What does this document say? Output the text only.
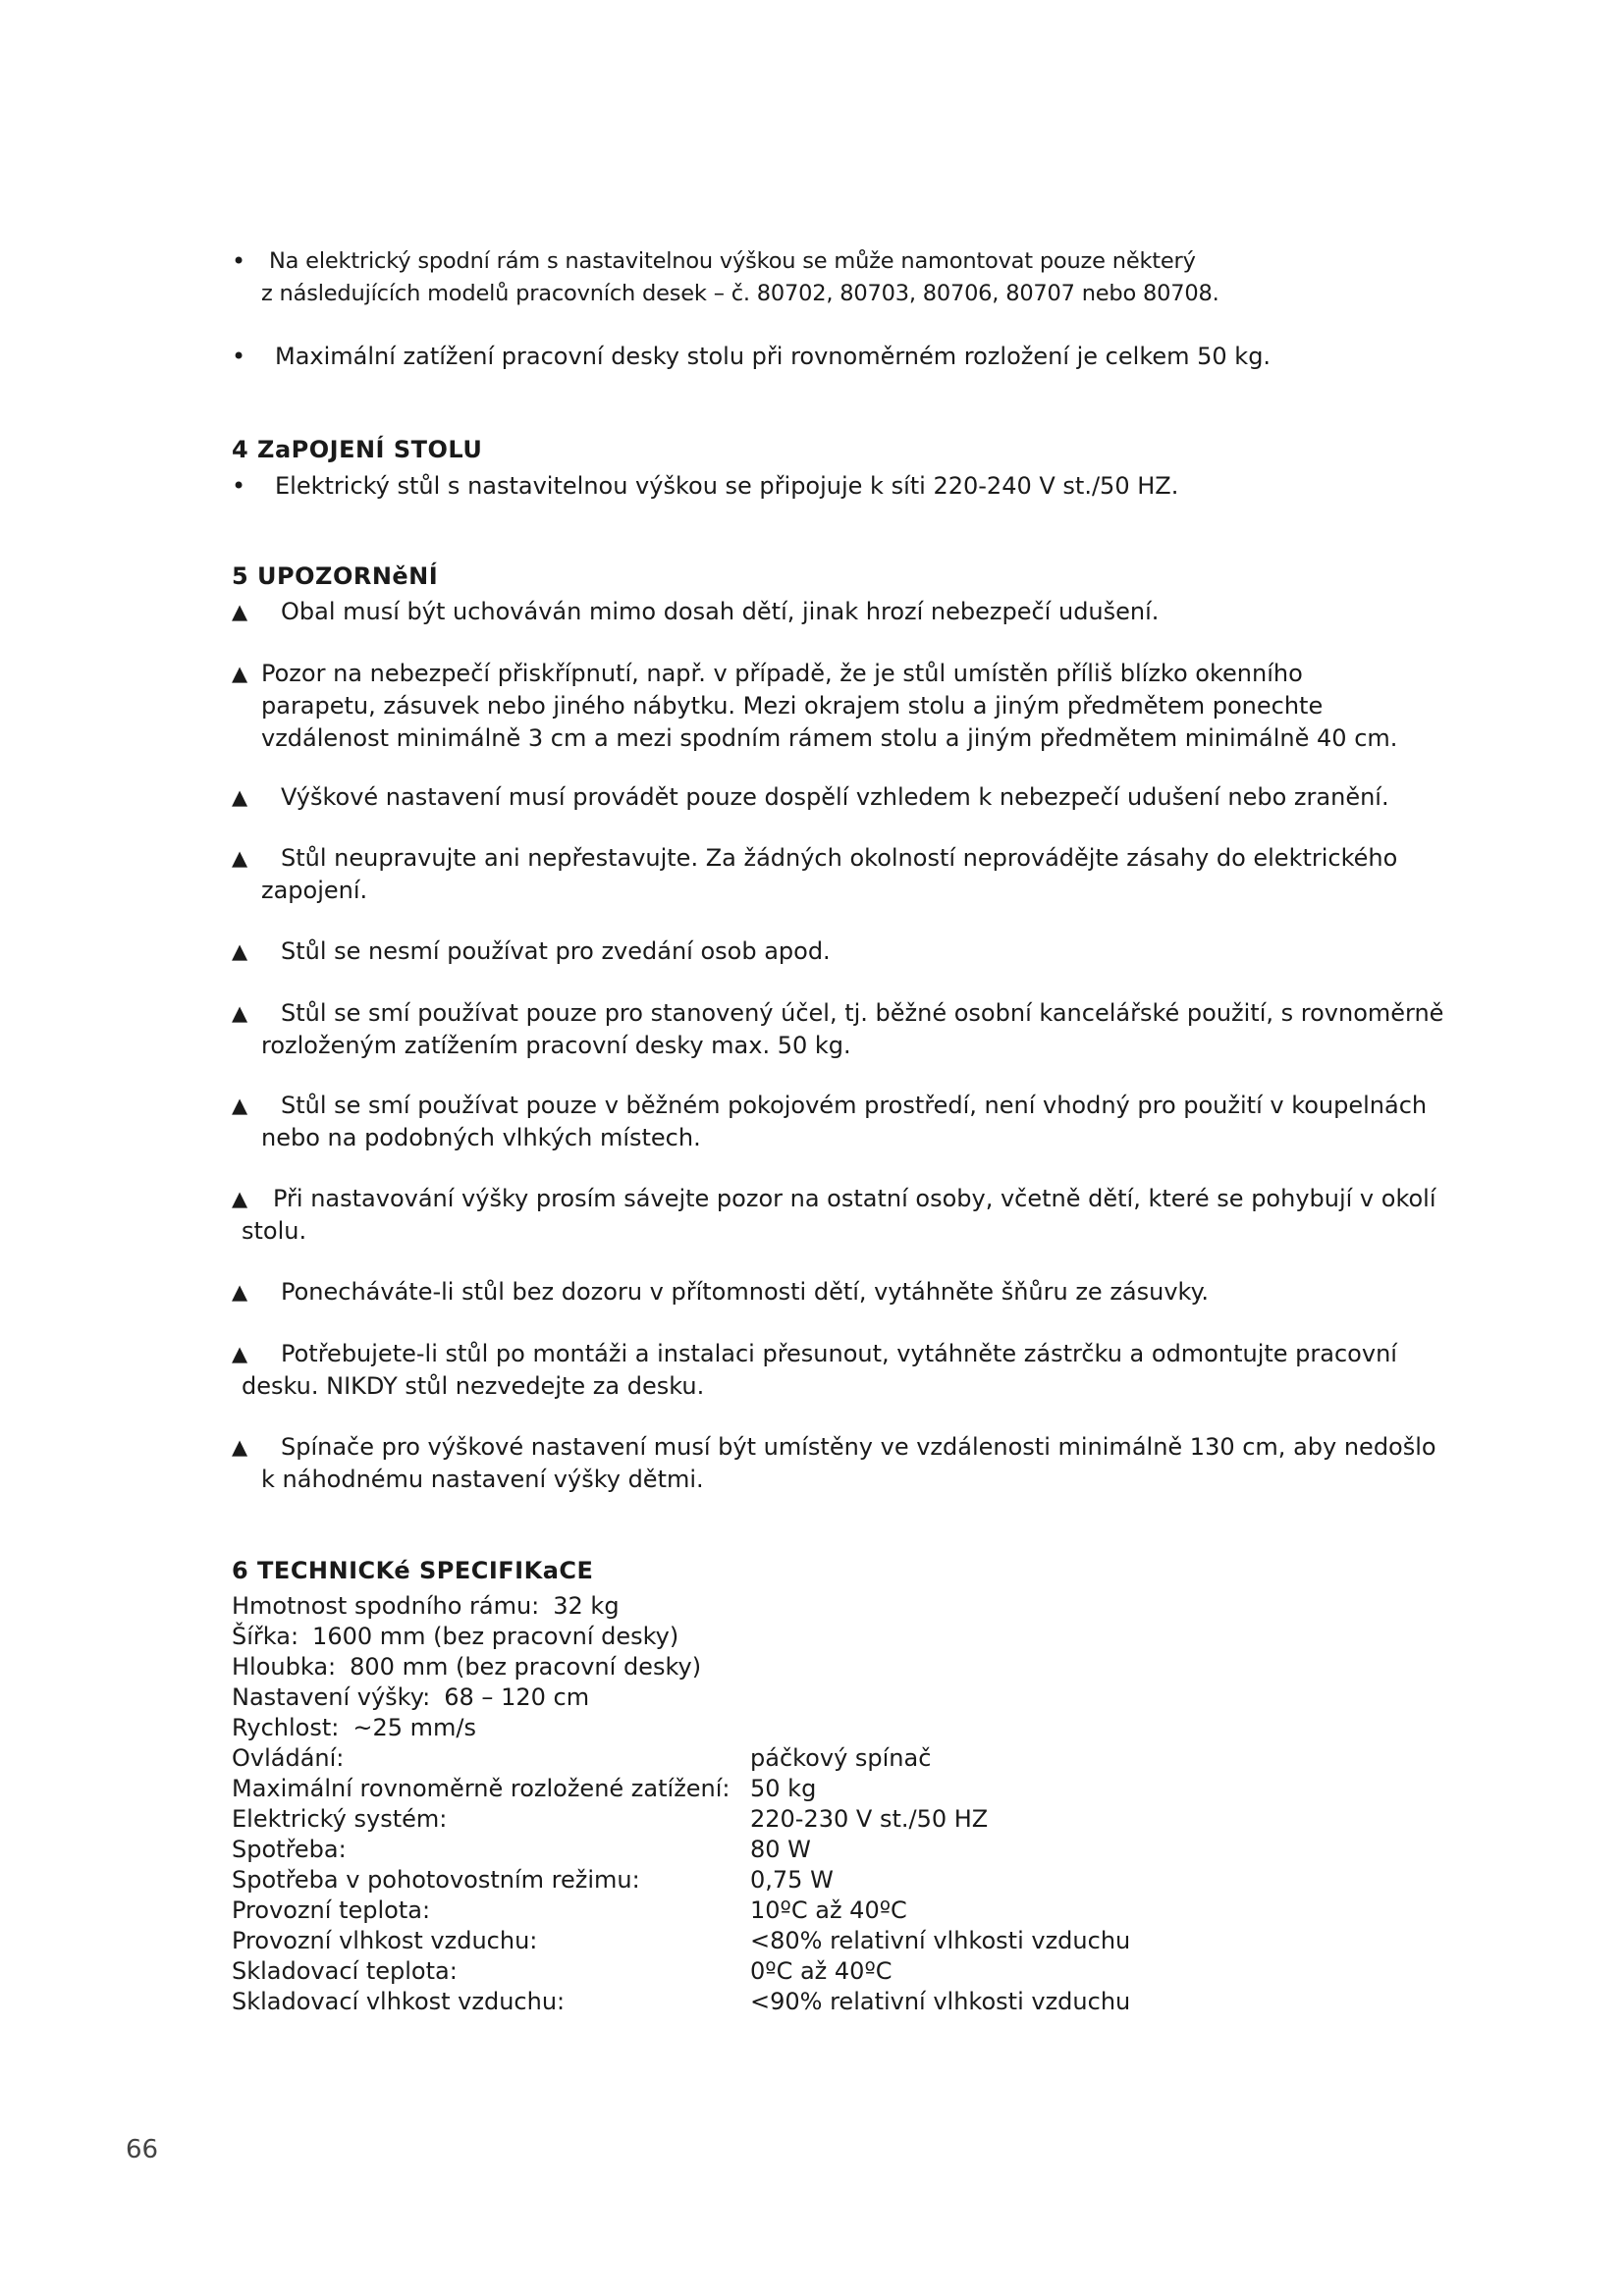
•	Na elektrický spodní rám s nastavitelnou výškou se může namontovat pouze některý
z následujících modelů pracovních desek – č. 80702, 80703, 80706, 80707 nebo 80708.
•	Maximální zatížení pracovní desky stolu při rovnoměrném rozložení je celkem 50 kg.
4 ZaPOJENÍ STOLU
•	Elektrický stůl s nastavitelnou výškou se připojuje k síti 220-240 V st./50 HZ.
5 UPOZORNěNÍ
▲ Obal musí být uchováván mimo dosah dětí, jinak hrozí nebezpečí udušení.
▲ Pozor na nebezpečí přiskřípnutí, např. v případě, že je stůl umístěn příliš blízko okenního
parapetu, zásuvek nebo jiného nábytku. Mezi okrajem stolu a jiným předmětem ponechte
vzdálenost minimálně 3 cm a mezi spodním rámem stolu a jiným předmětem minimálně 40 cm.
▲ Výškové nastavení musí provádět pouze dospělí vzhledem k nebezpečí udušení nebo zranění.
▲ Stůl neupravujte ani nepřestavujte. Za žádných okolností neprovádějte zásahy do elektrického
zapojení.
▲ Stůl se nesmí používat pro zvedání osob apod.
▲ Stůl se smí používat pouze pro stanovený účel, tj. běžné osobní kancelářské použití, s rovnoměrně
rozloženým zatížením pracovní desky max. 50 kg.
▲ Stůl se smí používat pouze v běžném pokojovém prostředí, není vhodný pro použití v koupelnách
nebo na podobných vlhkých místech.
▲ Při nastavování výšky prosím sávejte pozor na ostatní osoby, včetně dětí, které se pohybují v okolí
stolu.
▲ Ponecháváte-li stůl bez dozoru v přítomnosti dětí, vytáhněte šňůru ze zásuvky.
▲ Potřebujete-li stůl po montáži a instalaci přesunout, vytáhněte zástrčku a odmontujte pracovní
desku. NIKDY stůl nezvedejte za desku.
▲ Spínače pro výškové nastavení musí být umístěny ve vzdálenosti minimálně 130 cm, aby nedošlo
k náhodnému nastavení výšky dětmi.
6 TECHNICKé SPECIFIKaCE
Hmotnost spodního rámu: 32 kg
Šířka: 1600 mm (bez pracovní desky)
Hloubka: 800 mm (bez pracovní desky)
Nastavení výšky: 68 – 120 cm
Rychlost: ~25 mm/s
Ovládání:	páčkový spínač
Maximální rovnoměrně rozložené zatížení: 50 kg
Elektrický systém:	220-230 V st./50 HZ
Spotřeba:	80 W
Spotřeba v pohotovostním režimu:	0,75 W
Provozní teplota:	10ºC až 40ºC
Provozní vlhkost vzduchu:	<80% relativní vlhkosti vzduchu
Skladovací teplota:	0ºC až 40ºC
Skladovací vlhkost vzduchu:	<90% relativní vlhkosti vzduchu
66
